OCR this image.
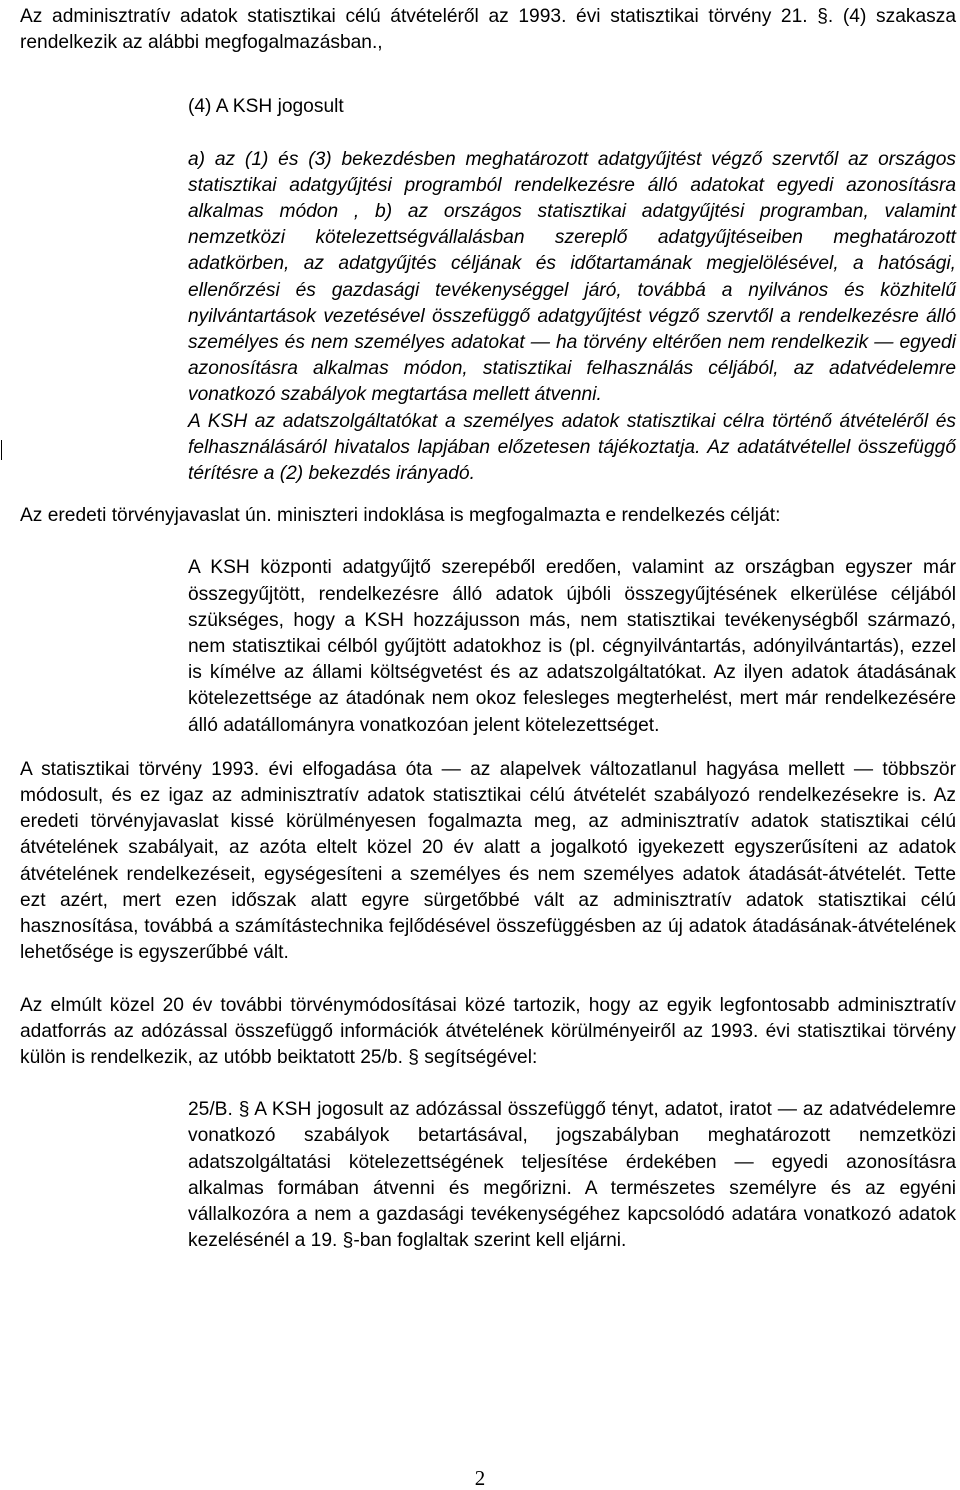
Az adminisztratív adatok statisztikai célú átvételéről az 1993. évi statisztikai törvény 21. §. (4) szakasza rendelkezik az alábbi megfogalmazásban.,

(4) A KSH jogosult

a) az (1) és (3) bekezdésben meghatározott adatgyűjtést végző szervtől az országos statisztikai adatgyűjtési programból rendelkezésre álló adatokat egyedi azonosításra alkalmas módon , b) az országos statisztikai adatgyűjtési programban, valamint nemzetközi kötelezettségvállalásban szereplő adatgyűjtéseiben meghatározott adatkörben, az adatgyűjtés céljának és időtartamának megjelölésével, a hatósági, ellenőrzési és gazdasági tevékenységgel járó, továbbá a nyilvános és közhitelű nyilvántartások vezetésével összefüggő adatgyűjtést végző szervtől a rendelkezésre álló személyes és nem személyes adatokat — ha törvény eltérően nem rendelkezik — egyedi azonosításra alkalmas módon, statisztikai felhasználás céljából, az adatvédelemre vonatkozó szabályok megtartása mellett átvenni.

A KSH az adatszolgáltatókat a személyes adatok statisztikai célra történő átvételéről és felhasználásáról hivatalos lapjában előzetesen tájékoztatja. Az adatátvétellel összefüggő térítésre a (2) bekezdés irányadó.

Az eredeti törvényjavaslat ún. miniszteri indoklása is megfogalmazta e rendelkezés célját:

A KSH központi adatgyűjtő szerepéből eredően, valamint az országban egyszer már összegyűjtött, rendelkezésre álló adatok újbóli összegyűjtésének elkerülése céljából szükséges, hogy a KSH hozzájusson más, nem statisztikai tevékenységből származó, nem statisztikai célból gyűjtött adatokhoz is (pl. cégnyilvántartás, adónyilvántartás), ezzel is kímélve az állami költségvetést és az adatszolgáltatókat. Az ilyen adatok átadásának kötelezettsége az átadónak nem okoz felesleges megterhelést, mert már rendelkezésére álló adatállományra vonatkozóan jelent kötelezettséget.

A statisztikai törvény 1993. évi elfogadása óta — az alapelvek változatlanul hagyása mellett — többször módosult, és ez igaz az adminisztratív adatok statisztikai célú átvételét szabályozó rendelkezésekre is. Az eredeti törvényjavaslat kissé körülményesen fogalmazta meg, az adminisztratív adatok statisztikai célú átvételének szabályait, az azóta eltelt közel 20 év alatt a jogalkotó igyekezett egyszerűsíteni az adatok átvételének rendelkezéseit, egységesíteni a személyes és nem személyes adatok átadását-átvételét. Tette ezt azért, mert ezen időszak alatt egyre sürgetőbbé vált az adminisztratív adatok statisztikai célú hasznosítása, továbbá a számítástechnika fejlődésével összefüggésben az új adatok átadásának-átvételének lehetősége is egyszerűbbé vált.

Az elmúlt közel 20 év további törvénymódosításai közé tartozik, hogy az egyik legfontosabb adminisztratív adatforrás az adózással összefüggő információk átvételének körülményeiről az 1993. évi statisztikai törvény külön is rendelkezik, az utóbb beiktatott 25/b. § segítségével:

25/B. § A KSH jogosult az adózással összefüggő tényt, adatot, iratot — az adatvédelemre vonatkozó szabályok betartásával, jogszabályban meghatározott nemzetközi adatszolgáltatási kötelezettségének teljesítése érdekében — egyedi azonosításra alkalmas formában átvenni és megőrizni. A természetes személyre és az egyéni vállalkozóra a nem a gazdasági tevékenységéhez kapcsolódó adatára vonatkozó adatok kezelésénél a 19. §-ban foglaltak szerint kell eljárni.

2
